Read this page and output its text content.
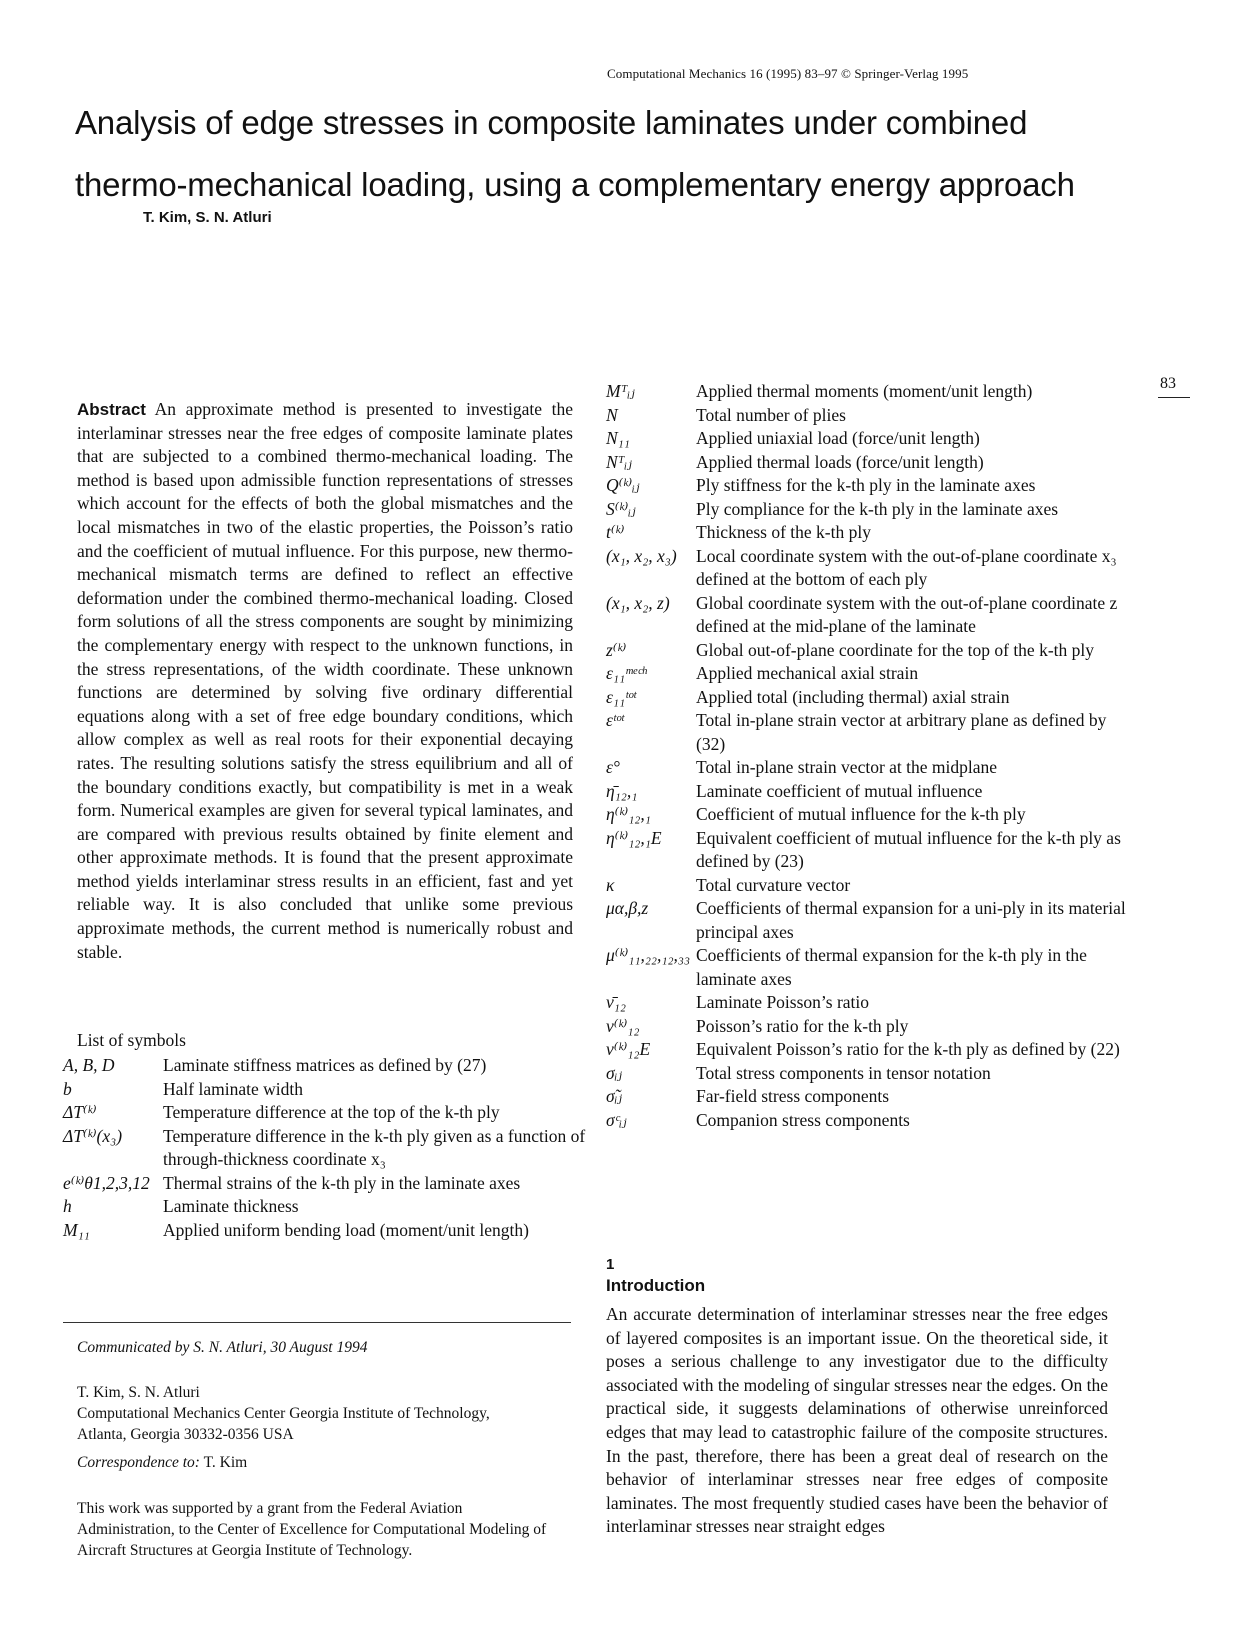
Computational Mechanics 16 (1995) 83–97 © Springer-Verlag 1995
Analysis of edge stresses in composite laminates under combined
thermo-mechanical loading, using a complementary energy approach
T. Kim, S. N. Atluri
83
Abstract An approximate method is presented to investigate the interlaminar stresses near the free edges of composite laminate plates that are subjected to a combined thermo-mechanical loading. The method is based upon admissible function representations of stresses which account for the effects of both the global mismatches and the local mismatches in two of the elastic properties, the Poisson’s ratio and the coefficient of mutual influence. For this purpose, new thermo-mechanical mismatch terms are defined to reflect an effective deformation under the combined thermo-mechanical loading. Closed form solutions of all the stress components are sought by minimizing the complementary energy with respect to the unknown functions, in the stress representations, of the width coordinate. These unknown functions are determined by solving five ordinary differential equations along with a set of free edge boundary conditions, which allow complex as well as real roots for their exponential decaying rates. The resulting solutions satisfy the stress equilibrium and all of the boundary conditions exactly, but compatibility is met in a weak form. Numerical examples are given for several typical laminates, and are compared with previous results obtained by finite element and other approximate methods. It is found that the present approximate method yields interlaminar stress results in an efficient, fast and yet reliable way. It is also concluded that unlike some previous approximate methods, the current method is numerically robust and stable.
List of symbols
A, B, D	Laminate stiffness matrices as defined by (27)
b	Half laminate width
ΔT⁽ᵏ⁾	Temperature difference at the top of the k-th ply
ΔT⁽ᵏ⁾(x₃)	Temperature difference in the k-th ply given as a function of through-thickness coordinate x₃
e⁽ᵏ⁾θ1,2,3,12 Thermal strains of the k-th ply in the laminate axes
h	Laminate thickness
M₁₁	Applied uniform bending load (moment/unit length)
Mᵀᵢⱼ	Applied thermal moments (moment/unit length)
N	Total number of plies
N₁₁	Applied uniaxial load (force/unit length)
Nᵀᵢⱼ	Applied thermal loads (force/unit length)
Q⁽ᵏ⁾ᵢⱼ	Ply stiffness for the k-th ply in the laminate axes
S⁽ᵏ⁾ᵢⱼ	Ply compliance for the k-th ply in the laminate axes
t⁽ᵏ⁾	Thickness of the k-th ply
(x₁, x₂, x₃)	Local coordinate system with the out-of-plane coordinate x₃ defined at the bottom of each ply
(x₁, x₂, z)	Global coordinate system with the out-of-plane coordinate z defined at the mid-plane of the laminate
z⁽ᵏ⁾	Global out-of-plane coordinate for the top of the k-th ply
ε₁₁ᵐᵉᶜʰ	Applied mechanical axial strain
ε₁₁ᵗᵒᵗ	Applied total (including thermal) axial strain
εᵗᵒᵗ	Total in-plane strain vector at arbitrary plane as defined by (32)
ε°	Total in-plane strain vector at the midplane
η̄₁₂,₁	Laminate coefficient of mutual influence
η⁽ᵏ⁾₁₂,₁	Coefficient of mutual influence for the k-th ply
η⁽ᵏ⁾₁₂,₁E	Equivalent coefficient of mutual influence for the k-th ply as defined by (23)
κ	Total curvature vector
μα,β,z	Coefficients of thermal expansion for a uni-ply in its material principal axes
μ⁽ᵏ⁾₁₁,₂₂,₁₂,₃₃ Coefficients of thermal expansion for the k-th ply in the laminate axes
ν̄₁₂	Laminate Poisson’s ratio
ν⁽ᵏ⁾₁₂	Poisson’s ratio for the k-th ply
ν⁽ᵏ⁾₁₂E	Equivalent Poisson’s ratio for the k-th ply as defined by (22)
σᵢⱼ	Total stress components in tensor notation
σ̃ᵢⱼ	Far-field stress components
σᶜᵢⱼ	Companion stress components
Communicated by S. N. Atluri, 30 August 1994
T. Kim, S. N. Atluri
Computational Mechanics Center Georgia Institute of Technology,
Atlanta, Georgia 30332-0356 USA
Correspondence to: T. Kim
This work was supported by a grant from the Federal Aviation Administration, to the Center of Excellence for Computational Modeling of Aircraft Structures at Georgia Institute of Technology.
1
Introduction
An accurate determination of interlaminar stresses near the free edges of layered composites is an important issue. On the theoretical side, it poses a serious challenge to any investigator due to the difficulty associated with the modeling of singular stresses near the edges. On the practical side, it suggests delaminations of otherwise unreinforced edges that may lead to catastrophic failure of the composite structures. In the past, therefore, there has been a great deal of research on the behavior of interlaminar stresses near free edges of composite laminates. The most frequently studied cases have been the behavior of interlaminar stresses near straight edges
